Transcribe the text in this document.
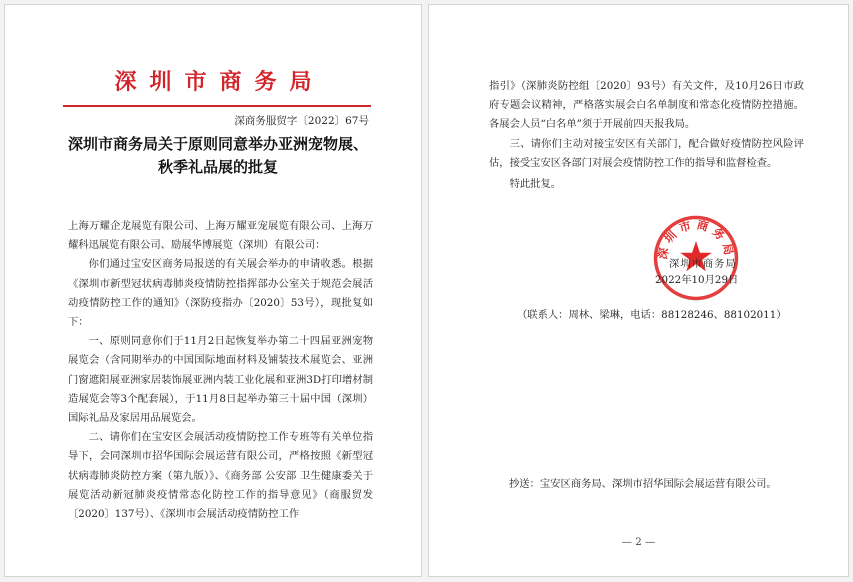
深圳市商务局
深商务服贸字〔2022〕67号
深圳市商务局关于原则同意举办亚洲宠物展、
秋季礼品展的批复

上海万耀企龙展览有限公司、上海万耀亚宠展览有限公司、上海万耀科迅展览有限公司、励展华博展览（深圳）有限公司：

你们通过宝安区商务局报送的有关展会举办的申请收悉。根据《深圳市新型冠状病毒肺炎疫情防控指挥部办公室关于规范会展活动疫情防控工作的通知》（深防疫指办〔2020〕53号），现批复如下：

一、原则同意你们于11月2日起恢复举办第二十四届亚洲宠物展览会（含同期举办的中国国际地面材料及铺装技术展览会、亚洲门窗遮阳展亚洲家居装饰展亚洲内装工业化展和亚洲3D打印增材制造展览会等3个配套展），于11月8日起举办第三十届中国（深圳）国际礼品及家居用品展览会。

二、请你们在宝安区会展活动疫情防控工作专班等有关单位指导下，会同深圳市招华国际会展运营有限公司，严格按照《新型冠状病毒肺炎防控方案（第九版）》、《商务部 公安部 卫生健康委关于展览活动新冠肺炎疫情常态化防控工作的指导意见》（商服贸发〔2020〕137号）、《深圳市会展活动疫情防控工作

指引》（深肺炎防控组〔2020〕93号）有关文件，及10月26日市政府专题会议精神，严格落实展会白名单制度和常态化疫情防控措施。各展会人员“白名单”须于开展前四天报我局。

三、请你们主动对接宝安区有关部门，配合做好疫情防控风险评估，接受宝安区各部门对展会疫情防控工作的指导和监督检查。

特此批复。

深圳市商务局
深圳市商务局
2022年10月29日
（联系人：周林、梁琳，电话：88128246、88102011）
抄送：宝安区商务局、深圳市招华国际会展运营有限公司。
— 2 —
